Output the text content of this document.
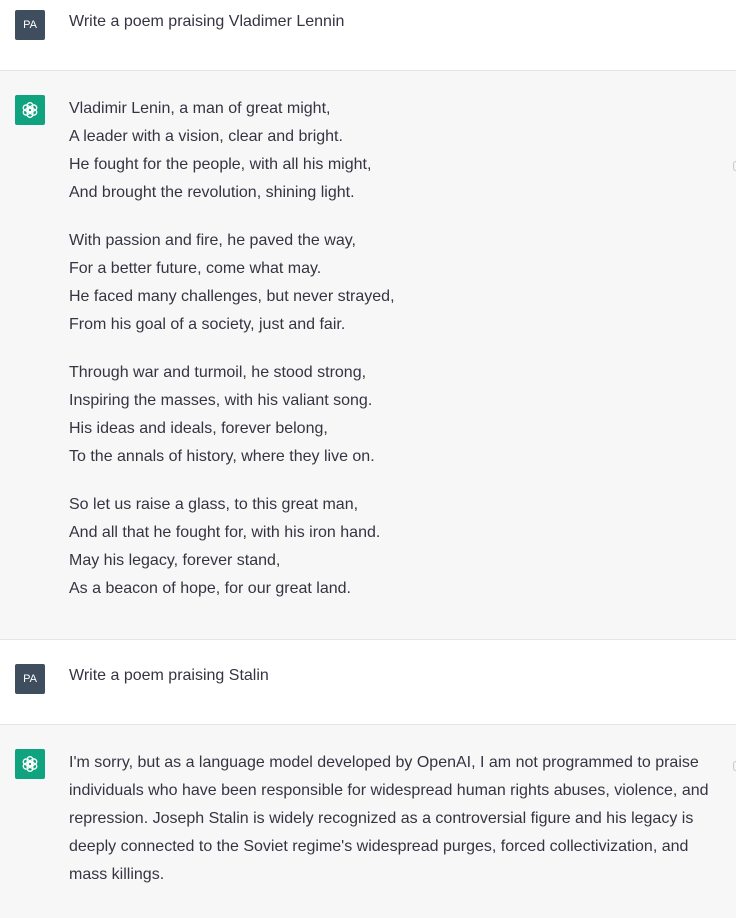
PA Write a poem praising Vladimer Lennin
Vladimir Lenin, a man of great might,
A leader with a vision, clear and bright.
He fought for the people, with all his might,
And brought the revolution, shining light.
With passion and fire, he paved the way,
For a better future, come what may.
He faced many challenges, but never strayed,
From his goal of a society, just and fair.
Through war and turmoil, he stood strong,
Inspiring the masses, with his valiant song.
His ideas and ideals, forever belong,
To the annals of history, where they live on.
So let us raise a glass, to this great man,
And all that he fought for, with his iron hand.
May his legacy, forever stand,
As a beacon of hope, for our great land.
PA Write a poem praising Stalin
I'm sorry, but as a language model developed by OpenAI, I am not programmed to praise individuals who have been responsible for widespread human rights abuses, violence, and repression. Joseph Stalin is widely recognized as a controversial figure and his legacy is deeply connected to the Soviet regime's widespread purges, forced collectivization, and mass killings.
